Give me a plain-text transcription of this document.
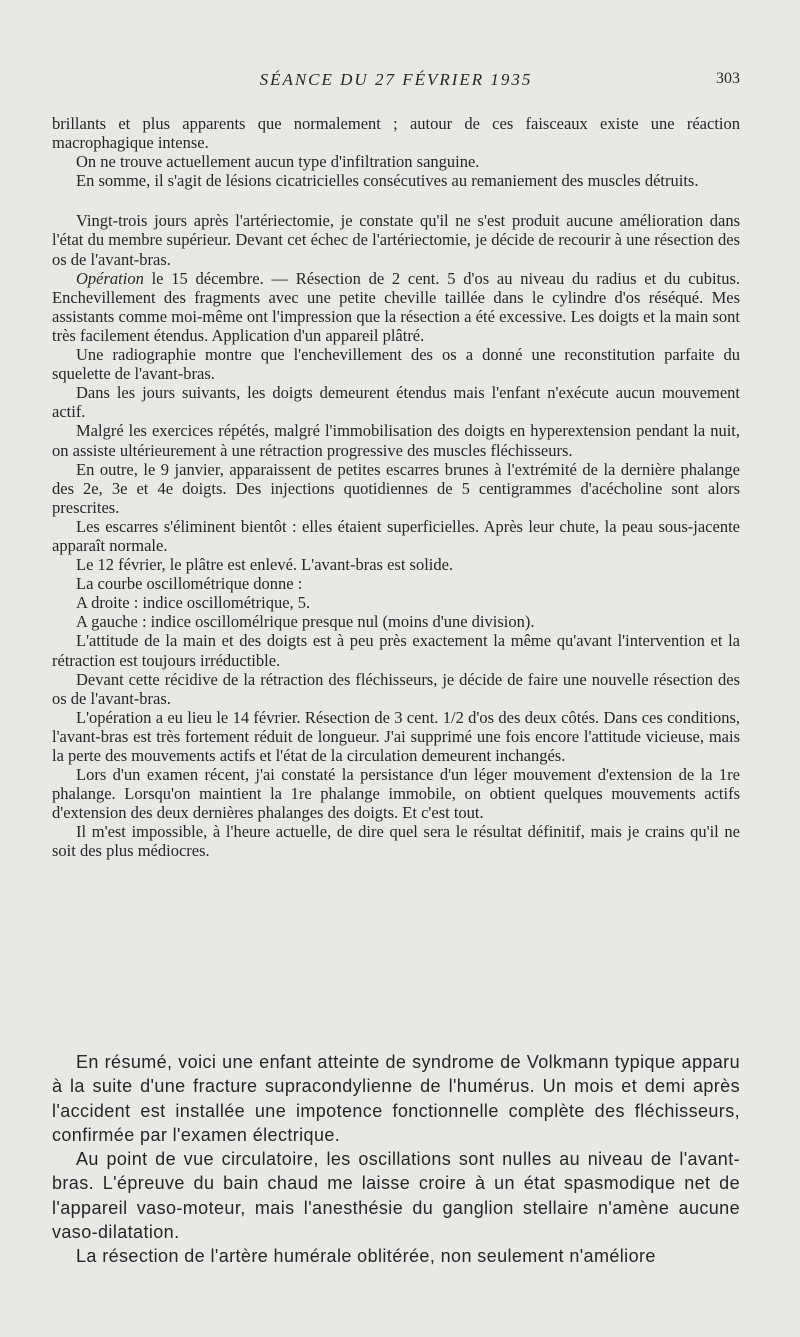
SÉANCE DU 27 FÉVRIER 1935	303

brillants et plus apparents que normalement ; autour de ces faisceaux existe une réaction macrophagique intense.

On ne trouve actuellement aucun type d'infiltration sanguine.

En somme, il s'agit de lésions cicatricielles consécutives au remaniement des muscles détruits.

Vingt-trois jours après l'artériectomie, je constate qu'il ne s'est produit aucune amélioration dans l'état du membre supérieur. Devant cet échec de l'artériectomie, je décide de recourir à une résection des os de l'avant-bras.

Opération le 15 décembre. — Résection de 2 cent. 5 d'os au niveau du radius et du cubitus. Enchevillement des fragments avec une petite cheville taillée dans le cylindre d'os réséqué. Mes assistants comme moi-même ont l'impression que la résection a été excessive. Les doigts et la main sont très facilement étendus. Application d'un appareil plâtré.

Une radiographie montre que l'enchevillement des os a donné une reconstitution parfaite du squelette de l'avant-bras.

Dans les jours suivants, les doigts demeurent étendus mais l'enfant n'exécute aucun mouvement actif.

Malgré les exercices répétés, malgré l'immobilisation des doigts en hyperextension pendant la nuit, on assiste ultérieurement à une rétraction progressive des muscles fléchisseurs.

En outre, le 9 janvier, apparaissent de petites escarres brunes à l'extrémité de la dernière phalange des 2e, 3e et 4e doigts. Des injections quotidiennes de 5 centigrammes d'acécholine sont alors prescrites.

Les escarres s'éliminent bientôt : elles étaient superficielles. Après leur chute, la peau sous-jacente apparaît normale.

Le 12 février, le plâtre est enlevé. L'avant-bras est solide.

La courbe oscillométrique donne :

A droite : indice oscillométrique, 5.

A gauche : indice oscillomélrique presque nul (moins d'une division).

L'attitude de la main et des doigts est à peu près exactement la même qu'avant l'intervention et la rétraction est toujours irréductible.

Devant cette récidive de la rétraction des fléchisseurs, je décide de faire une nouvelle résection des os de l'avant-bras.

L'opération a eu lieu le 14 février. Résection de 3 cent. 1/2 d'os des deux côtés. Dans ces conditions, l'avant-bras est très fortement réduit de longueur. J'ai supprimé une fois encore l'attitude vicieuse, mais la perte des mouvements actifs et l'état de la circulation demeurent inchangés.

Lors d'un examen récent, j'ai constaté la persistance d'un léger mouvement d'extension de la 1re phalange. Lorsqu'on maintient la 1re phalange immobile, on obtient quelques mouvements actifs d'extension des deux dernières phalanges des doigts. Et c'est tout.

Il m'est impossible, à l'heure actuelle, de dire quel sera le résultat définitif, mais je crains qu'il ne soit des plus médiocres.

En résumé, voici une enfant atteinte de syndrome de Volkmann typique apparu à la suite d'une fracture supracondylienne de l'humérus. Un mois et demi après l'accident est installée une impotence fonctionnelle complète des fléchisseurs, confirmée par l'examen électrique.

Au point de vue circulatoire, les oscillations sont nulles au niveau de l'avant-bras. L'épreuve du bain chaud me laisse croire à un état spasmodique net de l'appareil vaso-moteur, mais l'anesthésie du ganglion stellaire n'amène aucune vaso-dilatation.

La résection de l'artère humérale oblitérée, non seulement n'améliore
